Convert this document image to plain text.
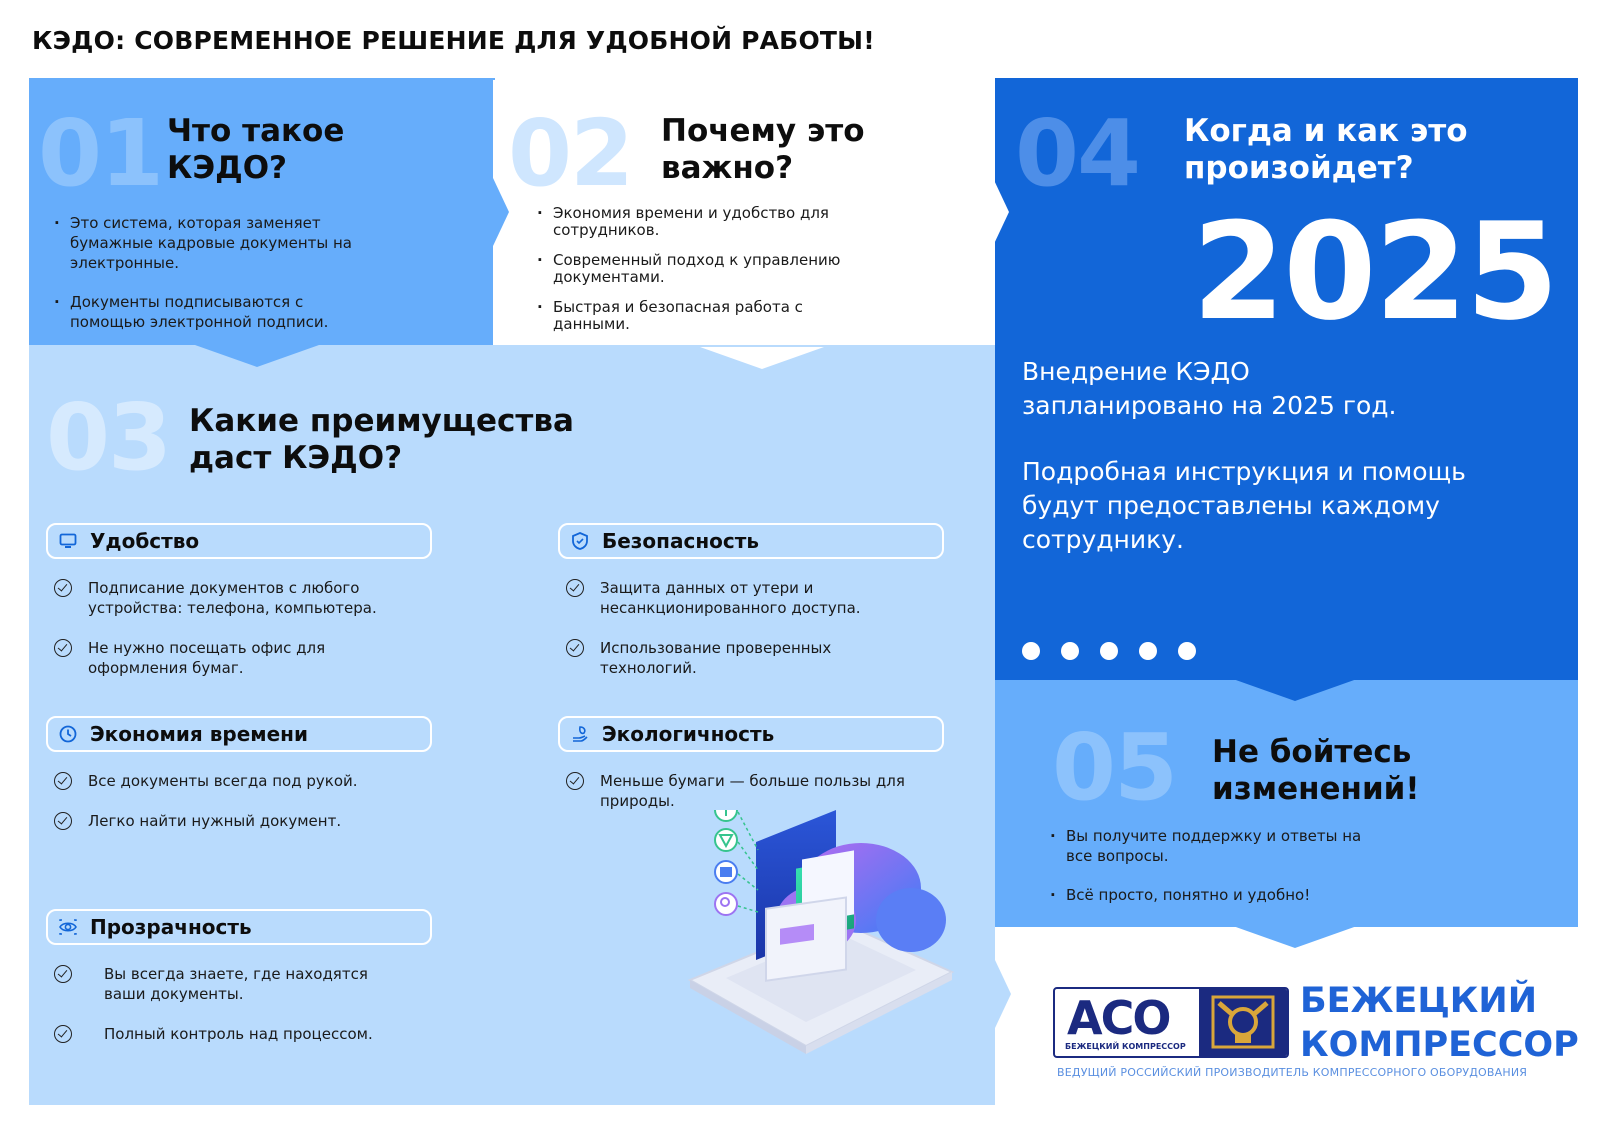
КЭДО: СОВРЕМЕННОЕ РЕШЕНИЕ ДЛЯ УДОБНОЙ РАБОТЫ!
01 Что такое
КЭДО?
· Это система, которая заменяет бумажные кадровые документы на электронные.
· Документы подписываются с помощью электронной подписи.
02 Почему это
важно?
· Экономия времени и удобство для сотрудников.
· Современный подход к управлению документами.
· Быстрая и безопасная работа с данными.
03 Какие преимущества
даст КЭДО?
Удобство
Подписание документов с любого устройства: телефона, компьютера.
Не нужно посещать офис для оформления бумаг.
Безопасность
Защита данных от утери и несанкционированного доступа.
Использование проверенных технологий.
Экономия времени
Все документы всегда под рукой.
Легко найти нужный документ.
Экологичность
Меньше бумаги — больше пользы для природы.
Прозрачность
Вы всегда знаете, где находятся ваши документы.
Полный контроль над процессом.
04 Когда и как это
произойдет?
2025
Внедрение КЭДО запланировано на 2025 год.
Подробная инструкция и помощь будут предоставлены каждому сотруднику.
05 Не бойтесь
изменений!
· Вы получите поддержку и ответы на все вопросы.
· Всё просто, понятно и удобно!
АСО
БЕЖЕЦКИЙ КОМПРЕССОР
БЕЖЕЦКИЙ
КОМПРЕССОР
ВЕДУЩИЙ РОССИЙСКИЙ ПРОИЗВОДИТЕЛЬ КОМПРЕССОРНОГО ОБОРУДОВАНИЯ
